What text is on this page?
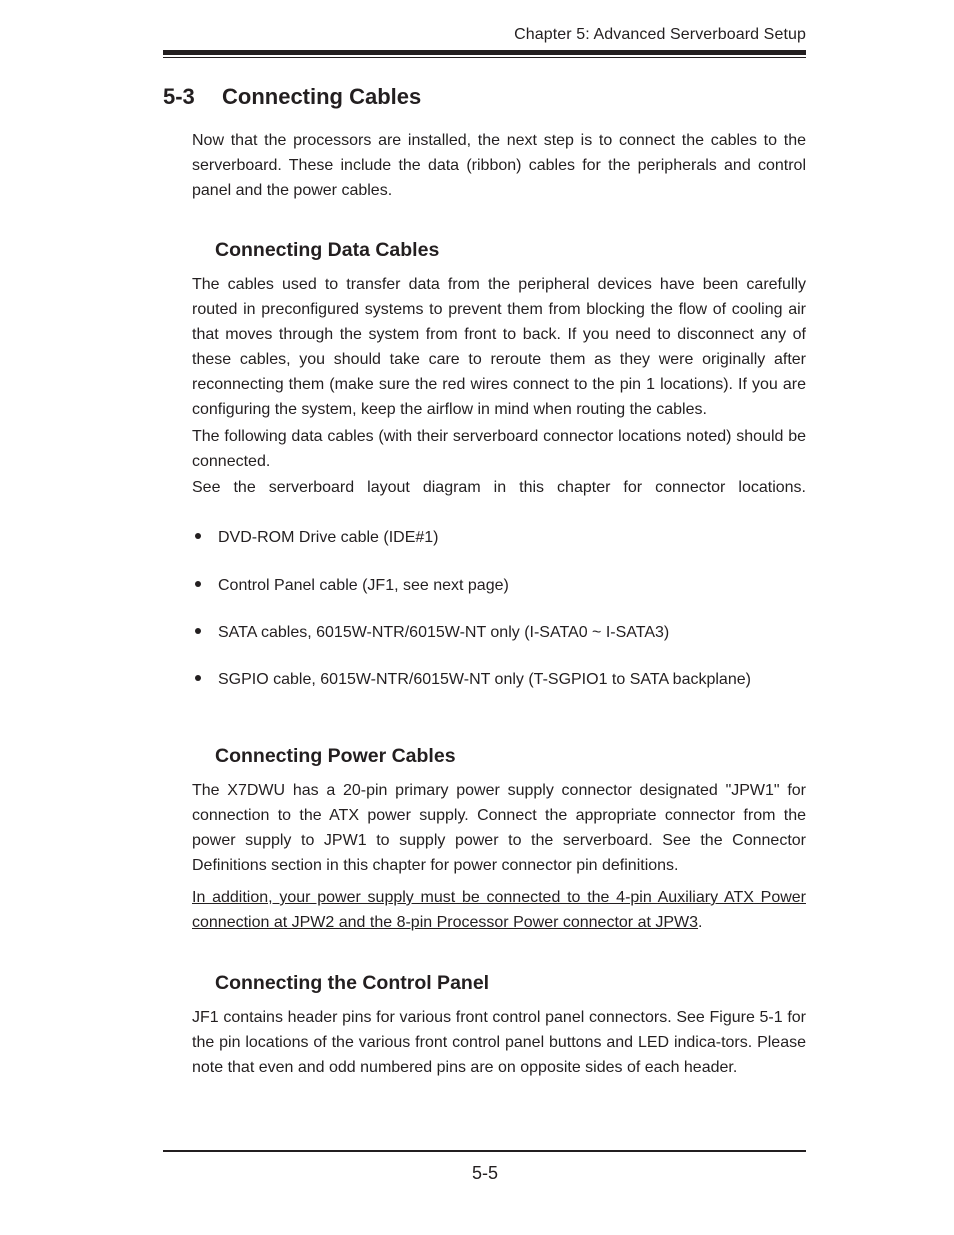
Chapter 5: Advanced Serverboard Setup
5-3 Connecting Cables

Now that the processors are installed, the next step is to connect the cables to the serverboard. These include the data (ribbon) cables for the peripherals and control panel and the power cables.

Connecting Data Cables

The cables used to transfer data from the peripheral devices have been carefully routed in preconfigured systems to prevent them from blocking the flow of cooling air that moves through the system from front to back. If you need to disconnect any of these cables, you should take care to reroute them as they were originally after reconnecting them (make sure the red wires connect to the pin 1 locations). If you are configuring the system, keep the airflow in mind when routing the cables.

The following data cables (with their serverboard connector locations noted) should be connected.

See the serverboard layout diagram in this chapter for connector locations.

DVD-ROM Drive cable (IDE#1)
Control Panel cable (JF1, see next page)
SATA cables, 6015W-NTR/6015W-NT only (I-SATA0 ~ I-SATA3)
SGPIO cable, 6015W-NTR/6015W-NT only (T-SGPIO1 to SATA backplane)
Connecting Power Cables

The X7DWU has a 20-pin primary power supply connector designated "JPW1" for connection to the ATX power supply. Connect the appropriate connector from the power supply to JPW1 to supply power to the serverboard. See the Connector Definitions section in this chapter for power connector pin definitions.

In addition, your power supply must be connected to the 4-pin Auxiliary ATX Power connection at JPW2 and the 8-pin Processor Power connector at JPW3.

Connecting the Control Panel

JF1 contains header pins for various front control panel connectors. See Figure 5-1 for the pin locations of the various front control panel buttons and LED indica-tors. Please note that even and odd numbered pins are on opposite sides of each header.

5-5
